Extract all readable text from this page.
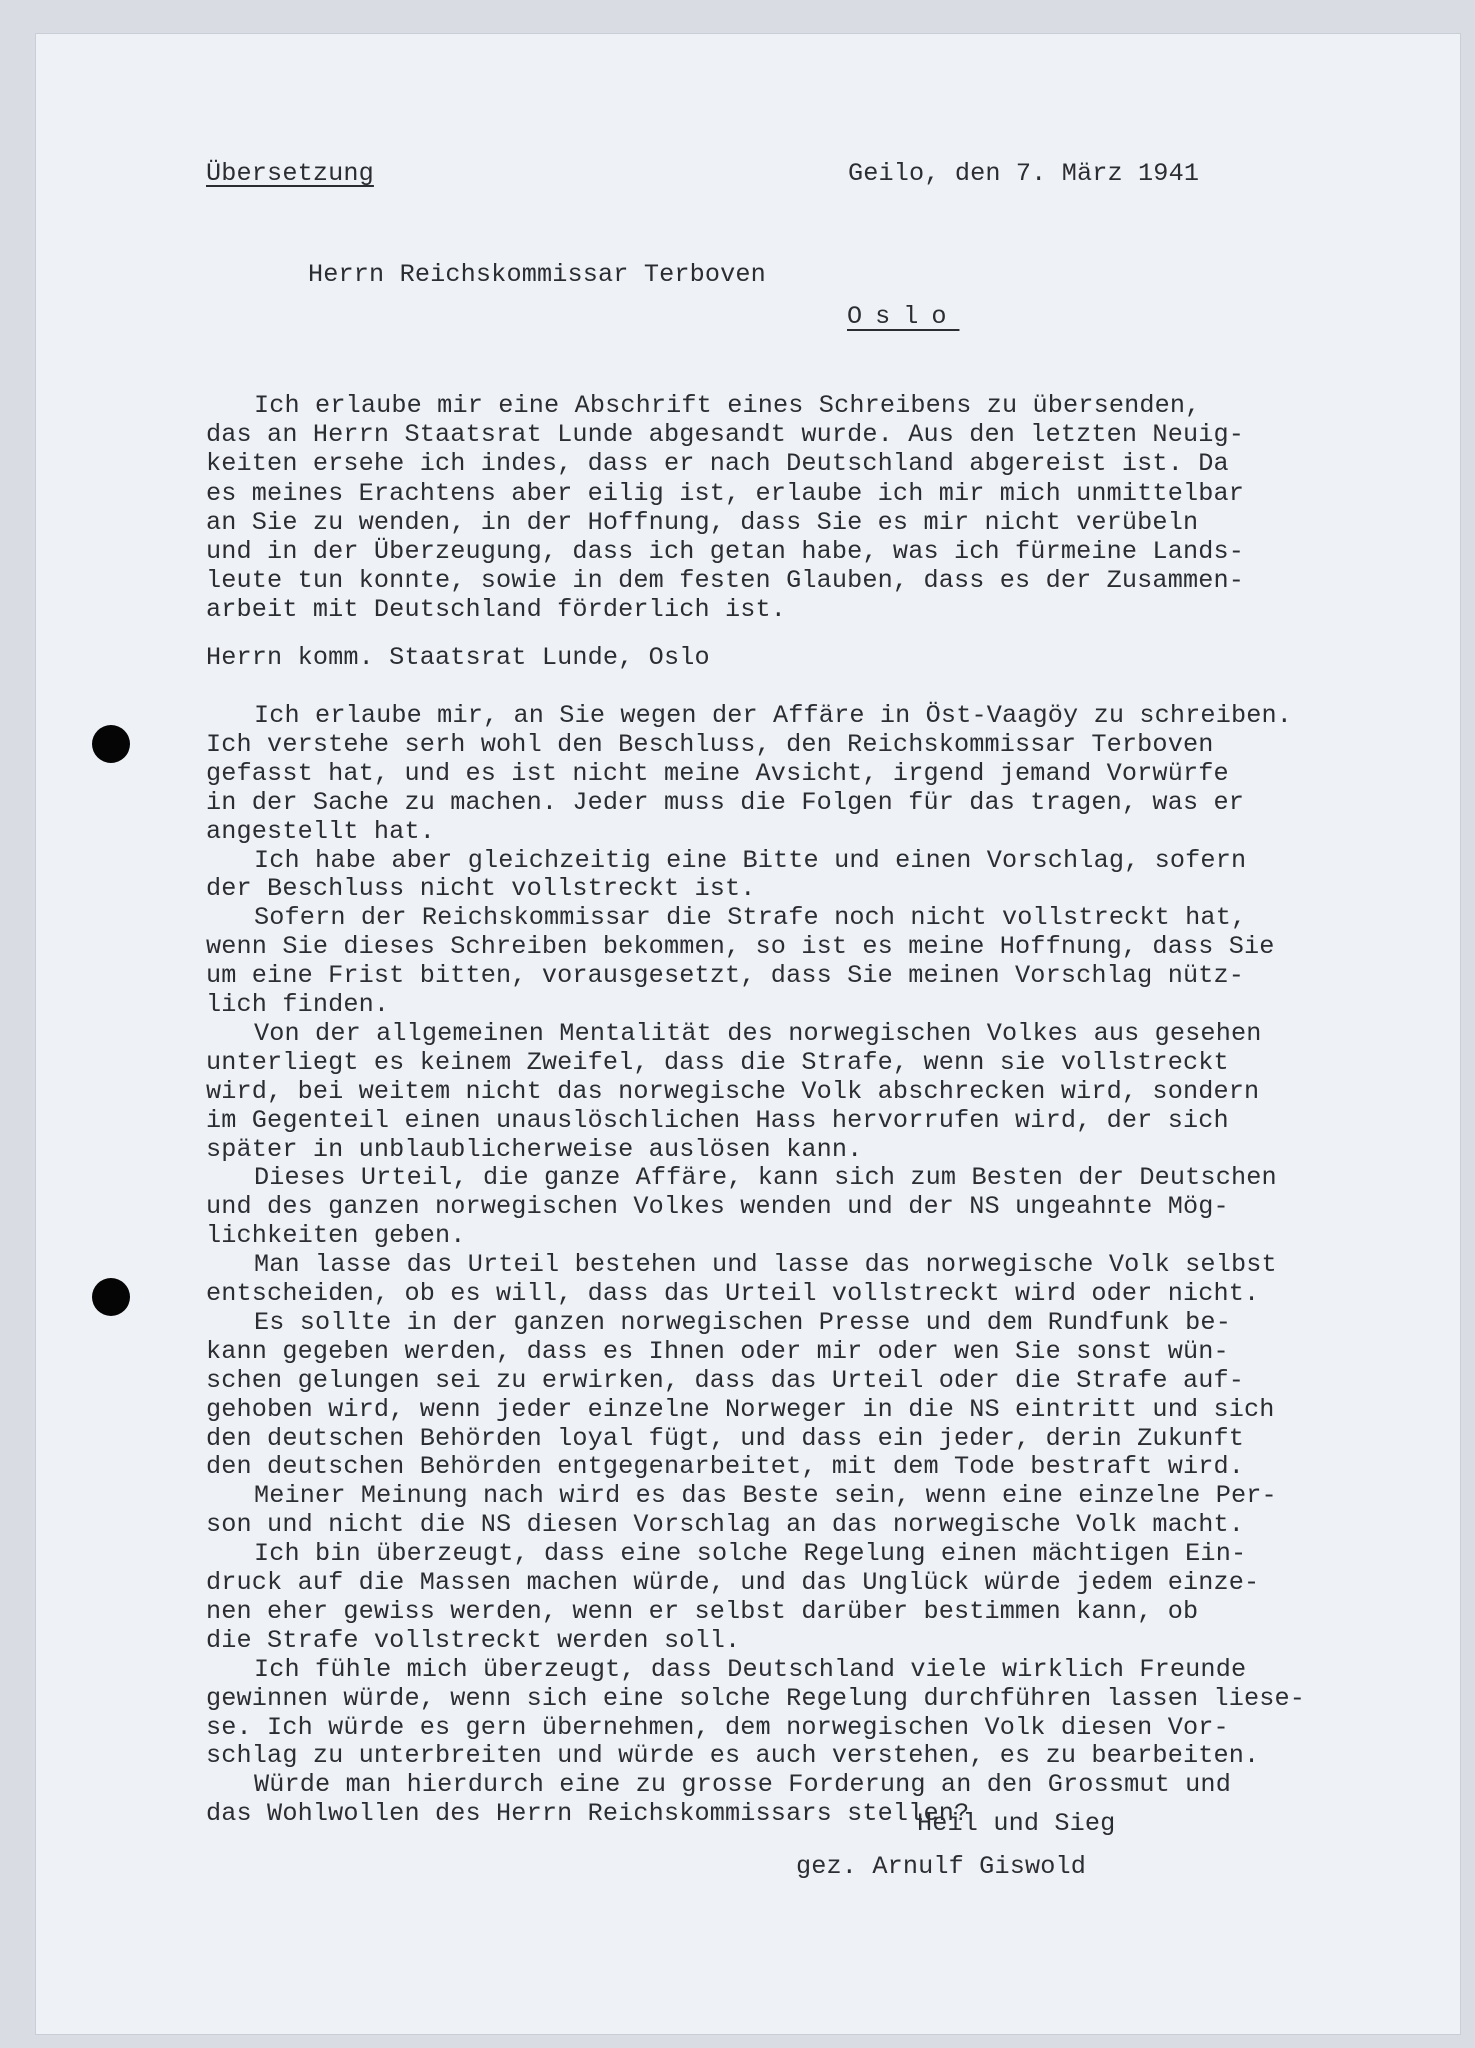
Übersetzung	Geilo, den 7. März 1941
Herrn Reichskommissar Terboven
Oslo
Ich erlaube mir eine Abschrift eines Schreibens zu übersenden,
das an Herrn Staatsrat Lunde abgesandt wurde. Aus den letzten Neuig-
keiten ersehe ich indes, dass er nach Deutschland abgereist ist. Da
es meines Erachtens aber eilig ist, erlaube ich mir mich unmittelbar
an Sie zu wenden, in der Hoffnung, dass Sie es mir nicht verübeln
und in der Überzeugung, dass ich getan habe, was ich fürmeine Lands-
leute tun konnte, sowie in dem festen Glauben, dass es der Zusammen-
arbeit mit Deutschland förderlich ist.
Herrn komm. Staatsrat Lunde, Oslo
Ich erlaube mir, an Sie wegen der Affäre in Öst-Vaagöy zu schreiben.
Ich verstehe serh wohl den Beschluss, den Reichskommissar Terboven
gefasst hat, und es ist nicht meine Avsicht, irgend jemand Vorwürfe
in der Sache zu machen. Jeder muss die Folgen für das tragen, was er
angestellt hat.
Ich habe aber gleichzeitig eine Bitte und einen Vorschlag, sofern
der Beschluss nicht vollstreckt ist.
Sofern der Reichskommissar die Strafe noch nicht vollstreckt hat,
wenn Sie dieses Schreiben bekommen, so ist es meine Hoffnung, dass Sie
um eine Frist bitten, vorausgesetzt, dass Sie meinen Vorschlag nütz-
lich finden.
Von der allgemeinen Mentalität des norwegischen Volkes aus gesehen
unterliegt es keinem Zweifel, dass die Strafe, wenn sie vollstreckt
wird, bei weitem nicht das norwegische Volk abschrecken wird, sondern
im Gegenteil einen unauslöschlichen Hass hervorrufen wird, der sich
später in unblaublicherweise auslösen kann.
Dieses Urteil, die ganze Affäre, kann sich zum Besten der Deutschen
und des ganzen norwegischen Volkes wenden und der NS ungeahnte Mög-
lichkeiten geben.
Man lasse das Urteil bestehen und lasse das norwegische Volk selbst
entscheiden, ob es will, dass das Urteil vollstreckt wird oder nicht.
Es sollte in der ganzen norwegischen Presse und dem Rundfunk be-
kann gegeben werden, dass es Ihnen oder mir oder wen Sie sonst wün-
schen gelungen sei zu erwirken, dass das Urteil oder die Strafe auf-
gehoben wird, wenn jeder einzelne Norweger in die NS eintritt und sich
den deutschen Behörden loyal fügt, und dass ein jeder, derin Zukunft
den deutschen Behörden entgegenarbeitet, mit dem Tode bestraft wird.
Meiner Meinung nach wird es das Beste sein, wenn eine einzelne Per-
son und nicht die NS diesen Vorschlag an das norwegische Volk macht.
Ich bin überzeugt, dass eine solche Regelung einen mächtigen Ein-
druck auf die Massen machen würde, und das Unglück würde jedem einze-
nen eher gewiss werden, wenn er selbst darüber bestimmen kann, ob
die Strafe vollstreckt werden soll.
Ich fühle mich überzeugt, dass Deutschland viele wirklich Freunde
gewinnen würde, wenn sich eine solche Regelung durchführen lassen liese-
se. Ich würde es gern übernehmen, dem norwegischen Volk diesen Vor-
schlag zu unterbreiten und würde es auch verstehen, es zu bearbeiten.
Würde man hierdurch eine zu grosse Forderung an den Grossmut und
das Wohlwollen des Herrn Reichskommissars stellen?
Heil und Sieg
gez. Arnulf Giswold
